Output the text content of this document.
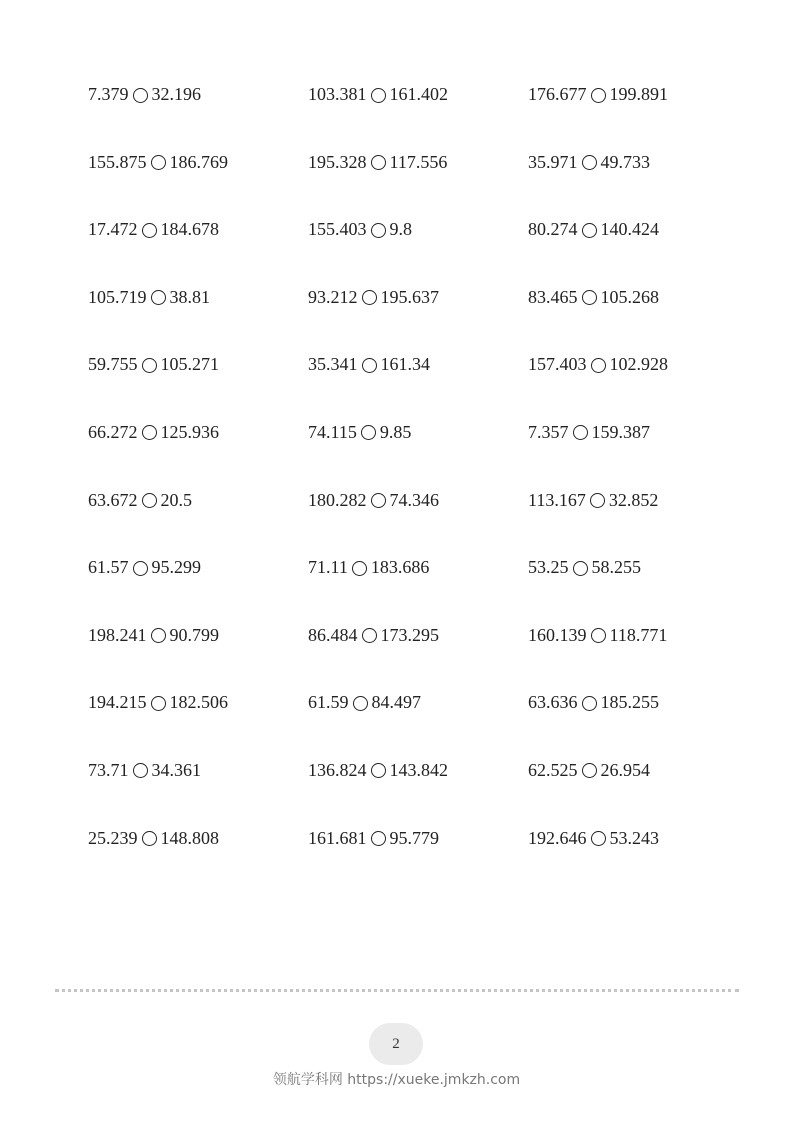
7.379 32.196	103.381 161.402	176.677 199.891
155.875 186.769	195.328 117.556	35.971 49.733
17.472 184.678	155.403 9.8	80.274 140.424
105.719 38.81	93.212 195.637	83.465 105.268
59.755 105.271	35.341 161.34	157.403 102.928
66.272 125.936	74.115 9.85	7.357 159.387
63.672 20.5	180.282 74.346	113.167 32.852
61.57 95.299	71.11 183.686	53.25 58.255
198.241 90.799	86.484 173.295	160.139 118.771
194.215 182.506	61.59 84.497	63.636 185.255
73.71 34.361	136.824 143.842	62.525 26.954
25.239 148.808	161.681 95.779	192.646 53.243
2
领航学科网 https://xueke.jmkzh.com
